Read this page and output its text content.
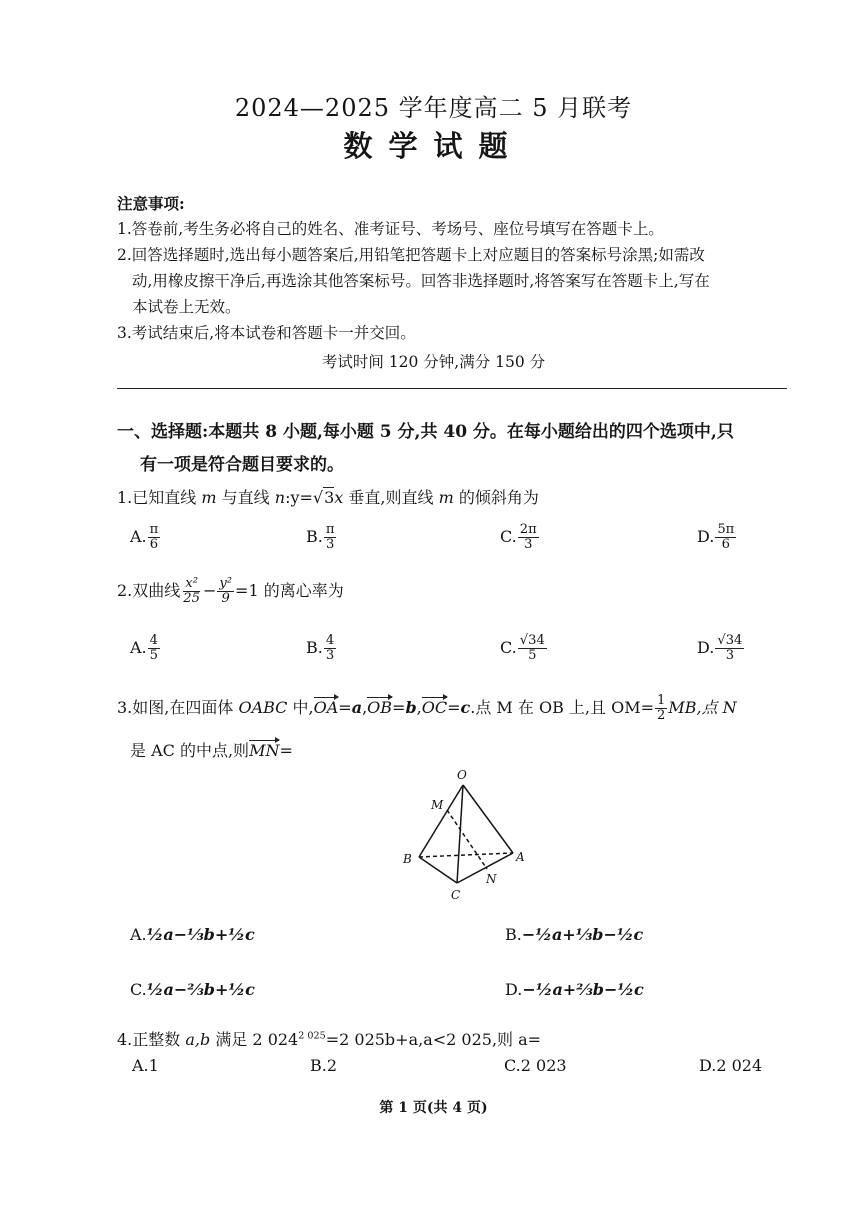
2024—2025 学年度高二 5 月联考
数学试题
注意事项:
1.答卷前,考生务必将自己的姓名、准考证号、考场号、座位号填写在答题卡上。
2.回答选择题时,选出每小题答案后,用铅笔把答题卡上对应题目的答案标号涂黑;如需改
动,用橡皮擦干净后,再选涂其他答案标号。回答非选择题时,将答案写在答题卡上,写在
本试卷上无效。
3.考试结束后,将本试卷和答题卡一并交回。
考试时间 120 分钟,满分 150 分
一、选择题:本题共 8 小题,每小题 5 分,共 40 分。在每小题给出的四个选项中,只
有一项是符合题目要求的。
1.已知直线 m 与直线 n:y=√3x 垂直,则直线 m 的倾斜角为
A. $\frac{\pi}{6}$	B. $\frac{\pi}{3}$	C. $\frac{2\pi}{3}$	D. $\frac{5\pi}{6}$
2.双曲线 $\frac{\text{x²}}{25} - \frac{\text{y²}}{9} =1$ 的离心率为
A. $\frac{4}{5}$	B. $\frac{4}{3}$	C. $\frac{√34}{5}$	D. $\frac{√34}{3}$
3.如图,在四面体 OABC 中,OA=a,OB=b,OC=c.点 M 在 OB 上,且 $OM= \frac{1}{2}$ MB,点 N
是 AC 的中点,则MN=
O
M
B	A
N
C
A.½a−⅓b+½c	B.−½a+⅓b−½c
C.½a−⅔b+½c	D.−½a+⅔b−½c
4.正整数 a,b 满足 2 $024^{2 025}=2$ 025b+a,a<2 025,则 a=
A.1	B.2	C.2 023	D.2 024
第 1 页(共 4 页)
